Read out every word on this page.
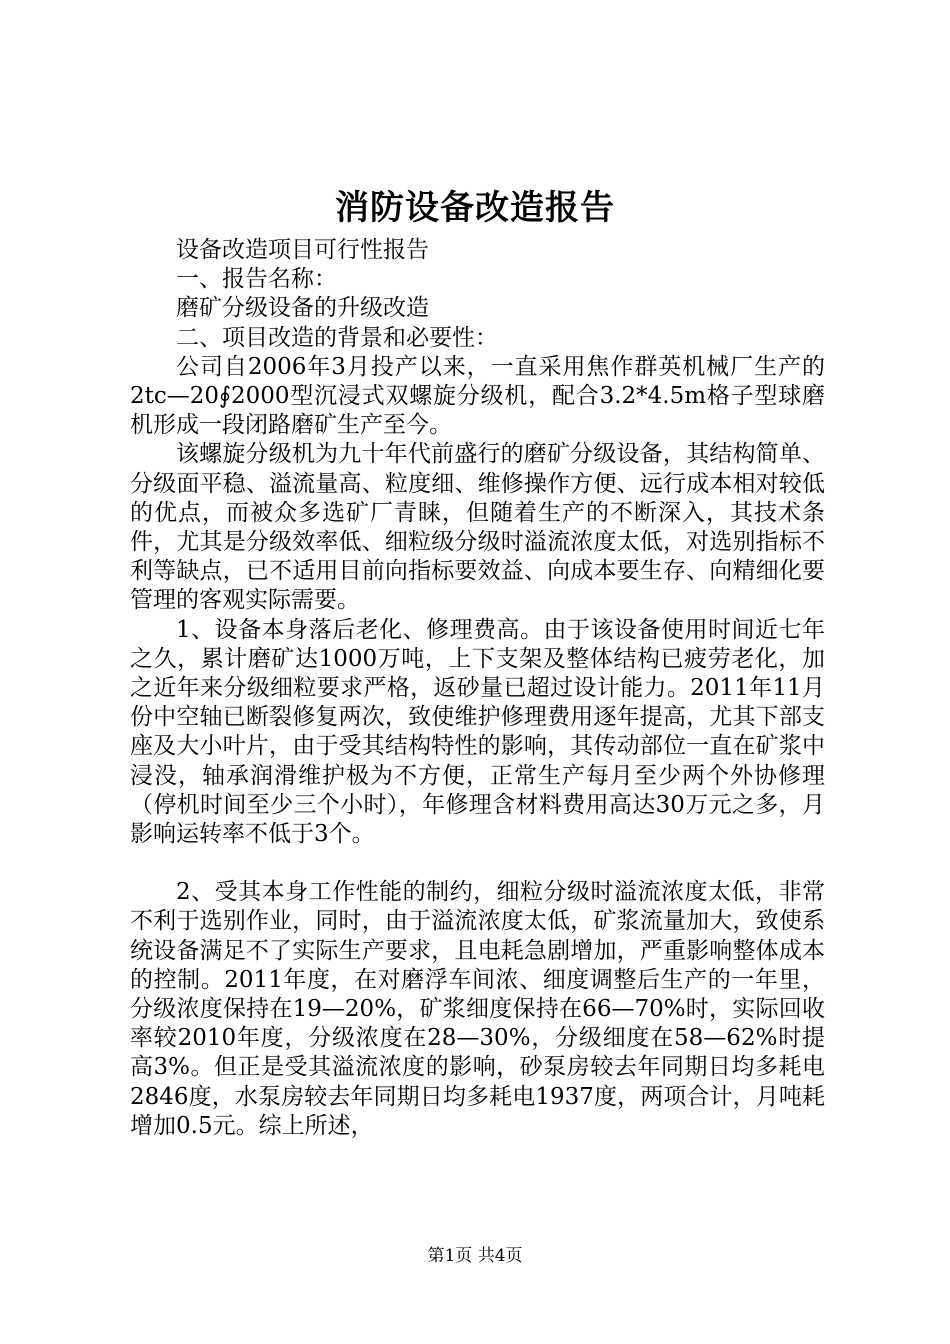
消防设备改造报告

设备改造项目可行性报告

一、报告名称：

磨矿分级设备的升级改造

二、项目改造的背景和必要性：

公司自2006年3月投产以来，一直采用焦作群英机械厂生产的2tc—20∮2000型沉浸式双螺旋分级机，配合3.2*4.5m格子型球磨机形成一段闭路磨矿生产至今。

该螺旋分级机为九十年代前盛行的磨矿分级设备，其结构简单、分级面平稳、溢流量高、粒度细、维修操作方便、远行成本相对较低的优点，而被众多选矿厂青睐，但随着生产的不断深入，其技术条件，尤其是分级效率低、细粒级分级时溢流浓度太低，对选别指标不利等缺点，已不适用目前向指标要效益、向成本要生存、向精细化要管理的客观实际需要。

1、设备本身落后老化、修理费高。由于该设备使用时间近七年之久，累计磨矿达1000万吨，上下支架及整体结构已疲劳老化，加之近年来分级细粒要求严格，返砂量已超过设计能力。2011年11月份中空轴已断裂修复两次，致使维护修理费用逐年提高，尤其下部支座及大小叶片，由于受其结构特性的影响，其传动部位一直在矿浆中浸没，轴承润滑维护极为不方便，正常生产每月至少两个外协修理（停机时间至少三个小时），年修理含材料费用高达30万元之多，月影响运转率不低于3个。

2、受其本身工作性能的制约，细粒分级时溢流浓度太低，非常不利于选别作业，同时，由于溢流浓度太低，矿浆流量加大，致使系统设备满足不了实际生产要求，且电耗急剧增加，严重影响整体成本的控制。2011年度，在对磨浮车间浓、细度调整后生产的一年里，分级浓度保持在19—20%，矿浆细度保持在66—70%时，实际回收率较2010年度，分级浓度在28—30%，分级细度在58—62%时提高3%。但正是受其溢流浓度的影响，砂泵房较去年同期日均多耗电2846度，水泵房较去年同期日均多耗电1937度，两项合计，月吨耗增加0.5元。综上所述，

第1页 共4页
